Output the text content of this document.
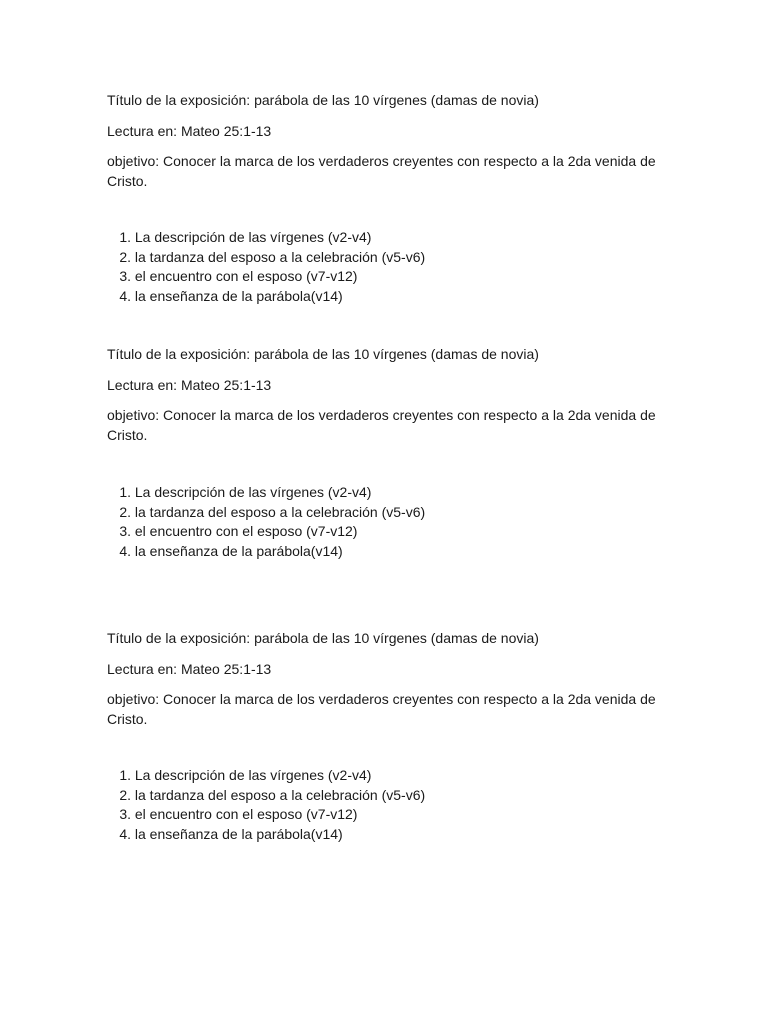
Título de la exposición: parábola de las 10 vírgenes (damas de novia)

Lectura en: Mateo 25:1-13

objetivo: Conocer la marca de los verdaderos creyentes con respecto a la 2da venida de Cristo.

1. La descripción de las vírgenes (v2-v4)
2. la tardanza del esposo a la celebración (v5-v6)
3. el encuentro con el esposo (v7-v12)
4. la enseñanza de la parábola(v14)

Título de la exposición: parábola de las 10 vírgenes (damas de novia)

Lectura en: Mateo 25:1-13

objetivo: Conocer la marca de los verdaderos creyentes con respecto a la 2da venida de Cristo.

1. La descripción de las vírgenes (v2-v4)
2. la tardanza del esposo a la celebración (v5-v6)
3. el encuentro con el esposo (v7-v12)
4. la enseñanza de la parábola(v14)

Título de la exposición: parábola de las 10 vírgenes (damas de novia)

Lectura en: Mateo 25:1-13

objetivo: Conocer la marca de los verdaderos creyentes con respecto a la 2da venida de Cristo.

1. La descripción de las vírgenes (v2-v4)
2. la tardanza del esposo a la celebración (v5-v6)
3. el encuentro con el esposo (v7-v12)
4. la enseñanza de la parábola(v14)
